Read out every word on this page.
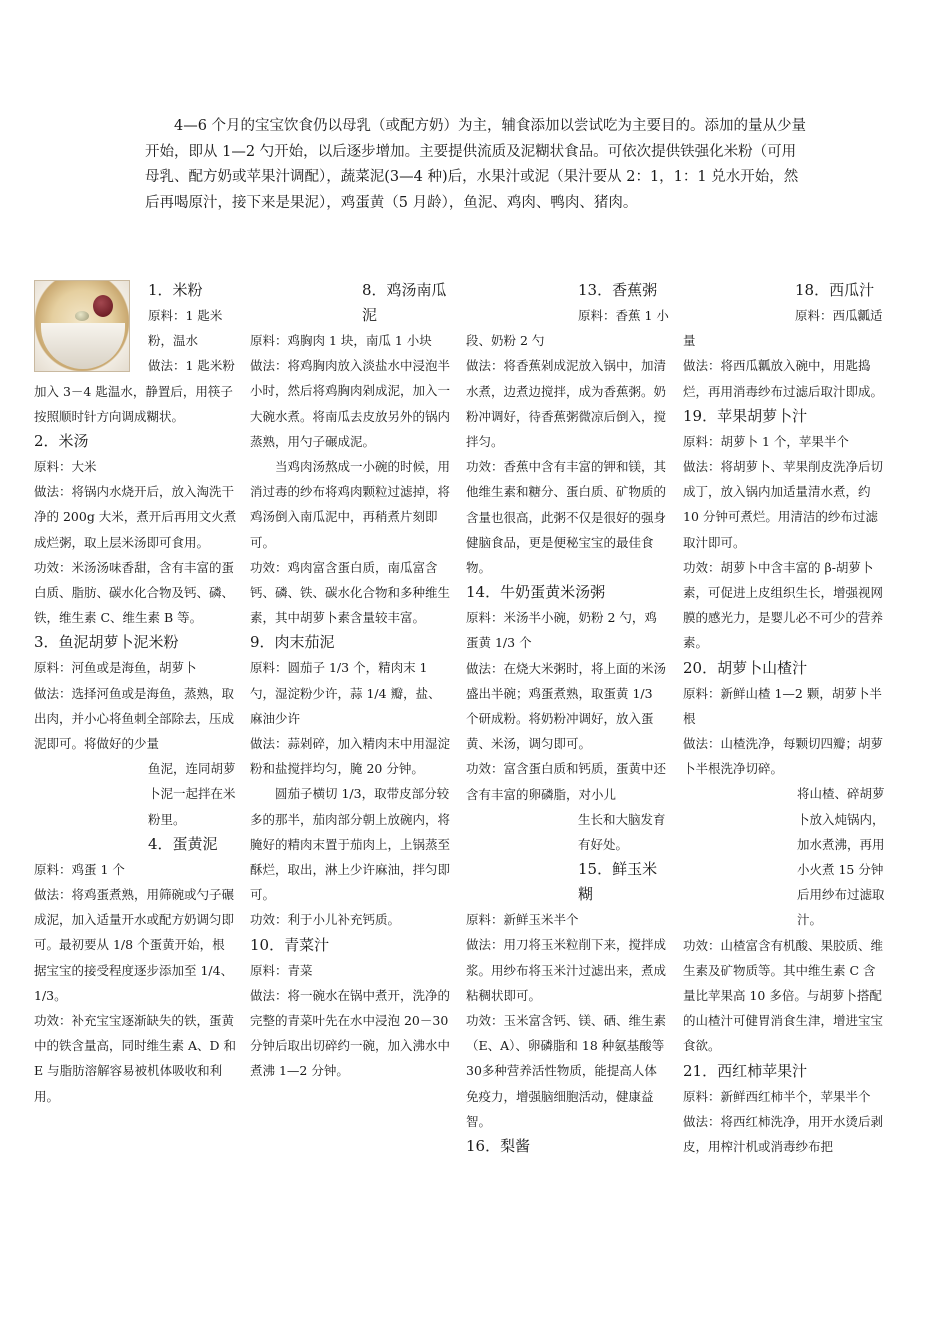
4—6 个月的宝宝饮食仍以母乳（或配方奶）为主，辅食添加以尝试吃为主要目的。添加的量从少量开始，即从 1—2 勺开始，以后逐步增加。主要提供流质及泥糊状食品。可依次提供铁强化米粉（可用母乳、配方奶或苹果汁调配），蔬菜泥(3—4 种)后，水果汁或泥（果汁要从 2：1，1：1 兑水开始，然后再喝原汁，接下来是果泥），鸡蛋黄（5 月龄），鱼泥、鸡肉、鸭肉、猪肉。

1．米粉

原料：1 匙米粉，温水

做法：1 匙米粉加入 3－4 匙温水，静置后，用筷子按照顺时针方向调成糊状。

2．米汤

原料：大米

做法：将锅内水烧开后，放入淘洗干净的 200g 大米，煮开后再用文火煮成烂粥，取上层米汤即可食用。

功效：米汤汤味香甜，含有丰富的蛋白质、脂肪、碳水化合物及钙、磷、铁，维生素 C、维生素 B 等。

3．鱼泥胡萝卜泥米粉

原料：河鱼或是海鱼，胡萝卜

做法：选择河鱼或是海鱼，蒸熟，取出肉，并小心将鱼刺全部除去，压成泥即可。将做好的少量

鱼泥，连同胡萝卜泥一起拌在米粉里。

4．蛋黄泥

原料：鸡蛋 1 个

做法：将鸡蛋煮熟，用筛碗或勺子碾成泥，加入适量开水或配方奶调匀即可。最初要从 1/8 个蛋黄开始，根据宝宝的接受程度逐步添加至 1/4、1/3。

功效：补充宝宝逐渐缺失的铁，蛋黄中的铁含量高，同时维生素 A、D 和 E 与脂肪溶解容易被机体吸收和利用。

8．鸡汤南瓜泥

原料：鸡胸肉 1 块，南瓜 1 小块

做法：将鸡胸肉放入淡盐水中浸泡半小时，然后将鸡胸肉剁成泥，加入一大碗水煮。将南瓜去皮放另外的锅内蒸熟，用勺子碾成泥。

当鸡肉汤熬成一小碗的时候，用消过毒的纱布将鸡肉颗粒过滤掉，将鸡汤倒入南瓜泥中，再稍煮片刻即可。

功效：鸡肉富含蛋白质，南瓜富含钙、磷、铁、碳水化合物和多种维生素，其中胡萝卜素含量较丰富。

9．肉末茄泥

原料：圆茄子 1/3 个，精肉末 1 勺，湿淀粉少许，蒜 1/4 瓣，盐、麻油少许

做法：蒜剁碎，加入精肉末中用湿淀粉和盐搅拌均匀，腌 20 分钟。

圆茄子横切 1/3，取带皮部分较多的那半，茄肉部分朝上放碗内，将腌好的精肉末置于茄肉上，上锅蒸至酥烂，取出，淋上少许麻油，拌匀即可。

功效：利于小儿补充钙质。

10．青菜汁

原料：青菜

做法：将一碗水在锅中煮开，洗净的完整的青菜叶先在水中浸泡 20－30 分钟后取出切碎约一碗，加入沸水中煮沸 1—2 分钟。

13．香蕉粥

原料：香蕉 1 小段、奶粉 2 勺

做法：将香蕉剁成泥放入锅中，加清水煮，边煮边搅拌，成为香蕉粥。奶粉冲调好，待香蕉粥微凉后倒入，搅拌匀。

功效：香蕉中含有丰富的钾和镁，其他维生素和糖分、蛋白质、矿物质的含量也很高，此粥不仅是很好的强身健脑食品，更是便秘宝宝的最佳食物。

14．牛奶蛋黄米汤粥

原料：米汤半小碗，奶粉 2 勺，鸡蛋黄 1/3 个

做法：在烧大米粥时，将上面的米汤盛出半碗；鸡蛋煮熟，取蛋黄 1/3 个研成粉。将奶粉冲调好，放入蛋黄、米汤，调匀即可。

功效：富含蛋白质和钙质，蛋黄中还含有丰富的卵磷脂，对小儿

生长和大脑发育有好处。

15．鲜玉米糊

原料：新鲜玉米半个

做法：用刀将玉米粒削下来，搅拌成浆。用纱布将玉米汁过滤出来，煮成粘稠状即可。

功效：玉米富含钙、镁、硒、维生素（E、A）、卵磷脂和 18 种氨基酸等30多种营养活性物质，能提高人体免疫力，增强脑细胞活动，健康益智。

16．梨酱
18．西瓜汁

原料：西瓜瓤适量

做法：将西瓜瓤放入碗中，用匙捣烂，再用消毒纱布过滤后取汁即成。

19．苹果胡萝卜汁

原料：胡萝卜 1 个，苹果半个

做法：将胡萝卜、苹果削皮洗净后切成丁，放入锅内加适量清水煮，约 10 分钟可煮烂。用清洁的纱布过滤取汁即可。

功效：胡萝卜中含丰富的 β-胡萝卜素，可促进上皮组织生长，增强视网膜的感光力，是婴儿必不可少的营养素。

20．胡萝卜山楂汁

原料：新鲜山楂 1—2 颗，胡萝卜半根

做法：山楂洗净，每颗切四瓣；胡萝卜半根洗净切碎。

将山楂、碎胡萝卜放入炖锅内，加水煮沸，再用小火煮 15 分钟后用纱布过滤取汁。

功效：山楂富含有机酸、果胶质、维生素及矿物质等。其中维生素 C 含量比苹果高 10 多倍。与胡萝卜搭配的山楂汁可健胃消食生津，增进宝宝食欲。

21．西红柿苹果汁

原料：新鲜西红柿半个，苹果半个

做法：将西红柿洗净，用开水烫后剥皮，用榨汁机或消毒纱布把
